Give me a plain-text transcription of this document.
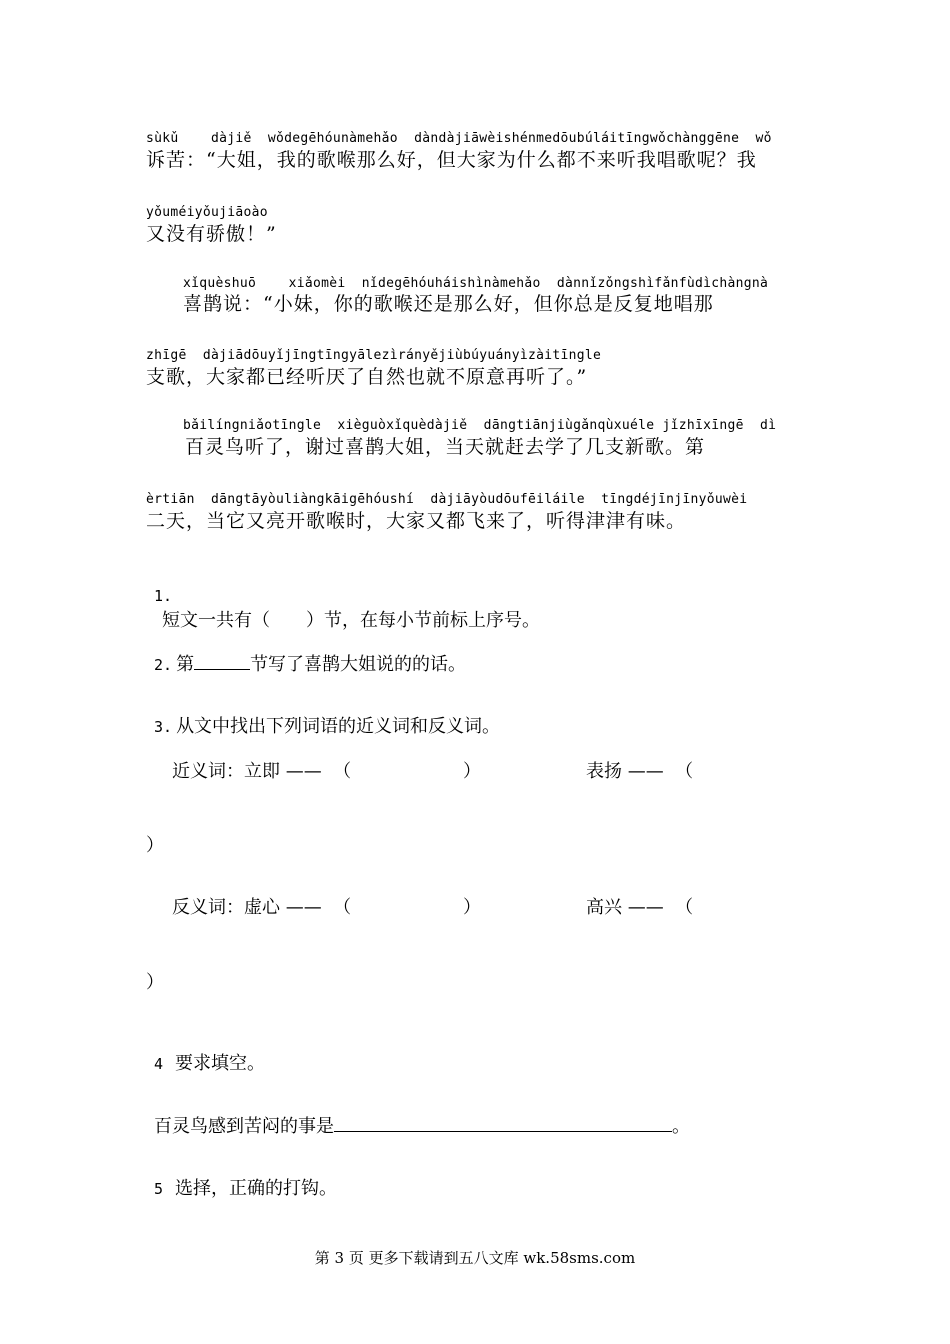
sùkǔ    dàjiě  wǒdegēhóunàmehǎo  dàndàjiāwèishénmedōubúláitīngwǒchànggēne  wǒ
诉苦：“大姐，我的歌喉那么好，但大家为什么都不来听我唱歌呢？我
yǒuméiyǒujiāoào
又没有骄傲！”
xǐquèshuō    xiǎomèi  nǐdegēhóuháishìnàmehǎo  dànnǐzǒngshìfǎnfùdìchàngnà
喜鹊说：“小妹，你的歌喉还是那么好，但你总是反复地唱那
zhīgē  dàjiādōuyǐjīngtīngyālezìrányějiùbúyuányìzàitīngle
支歌，大家都已经听厌了自然也就不原意再听了。”
bǎilíngniǎotīngle  xièguòxǐquèdàjiě  dāngtiānjiùgǎnqùxuéle jǐzhīxīngē  dì
百灵鸟听了，谢过喜鹊大姐，当天就赶去学了几支新歌。第
èrtiān  dāngtāyòuliàngkāigēhóushí  dàjiāyòudōufēiláile  tīngdéjīnjīnyǒuwèi
二天，当它又亮开歌喉时，大家又都飞来了，听得津津有味。

1.
短文一共有（ ）节，在每小节前标上序号。

2. 第	节写了喜鹊大姐说的的话。

3. 从文中找出下列词语的近义词和反义词。

近义词：立即 ——  （	）	表扬 ——  （
）
反义词：虚心 ——  （	）	高兴 ——  （
）

4 要求填空。

百灵鸟感到苦闷的事是	。

5 选择，正确的打钩。

第 3 页 更多下载请到五八文库 wk.58sms.com
